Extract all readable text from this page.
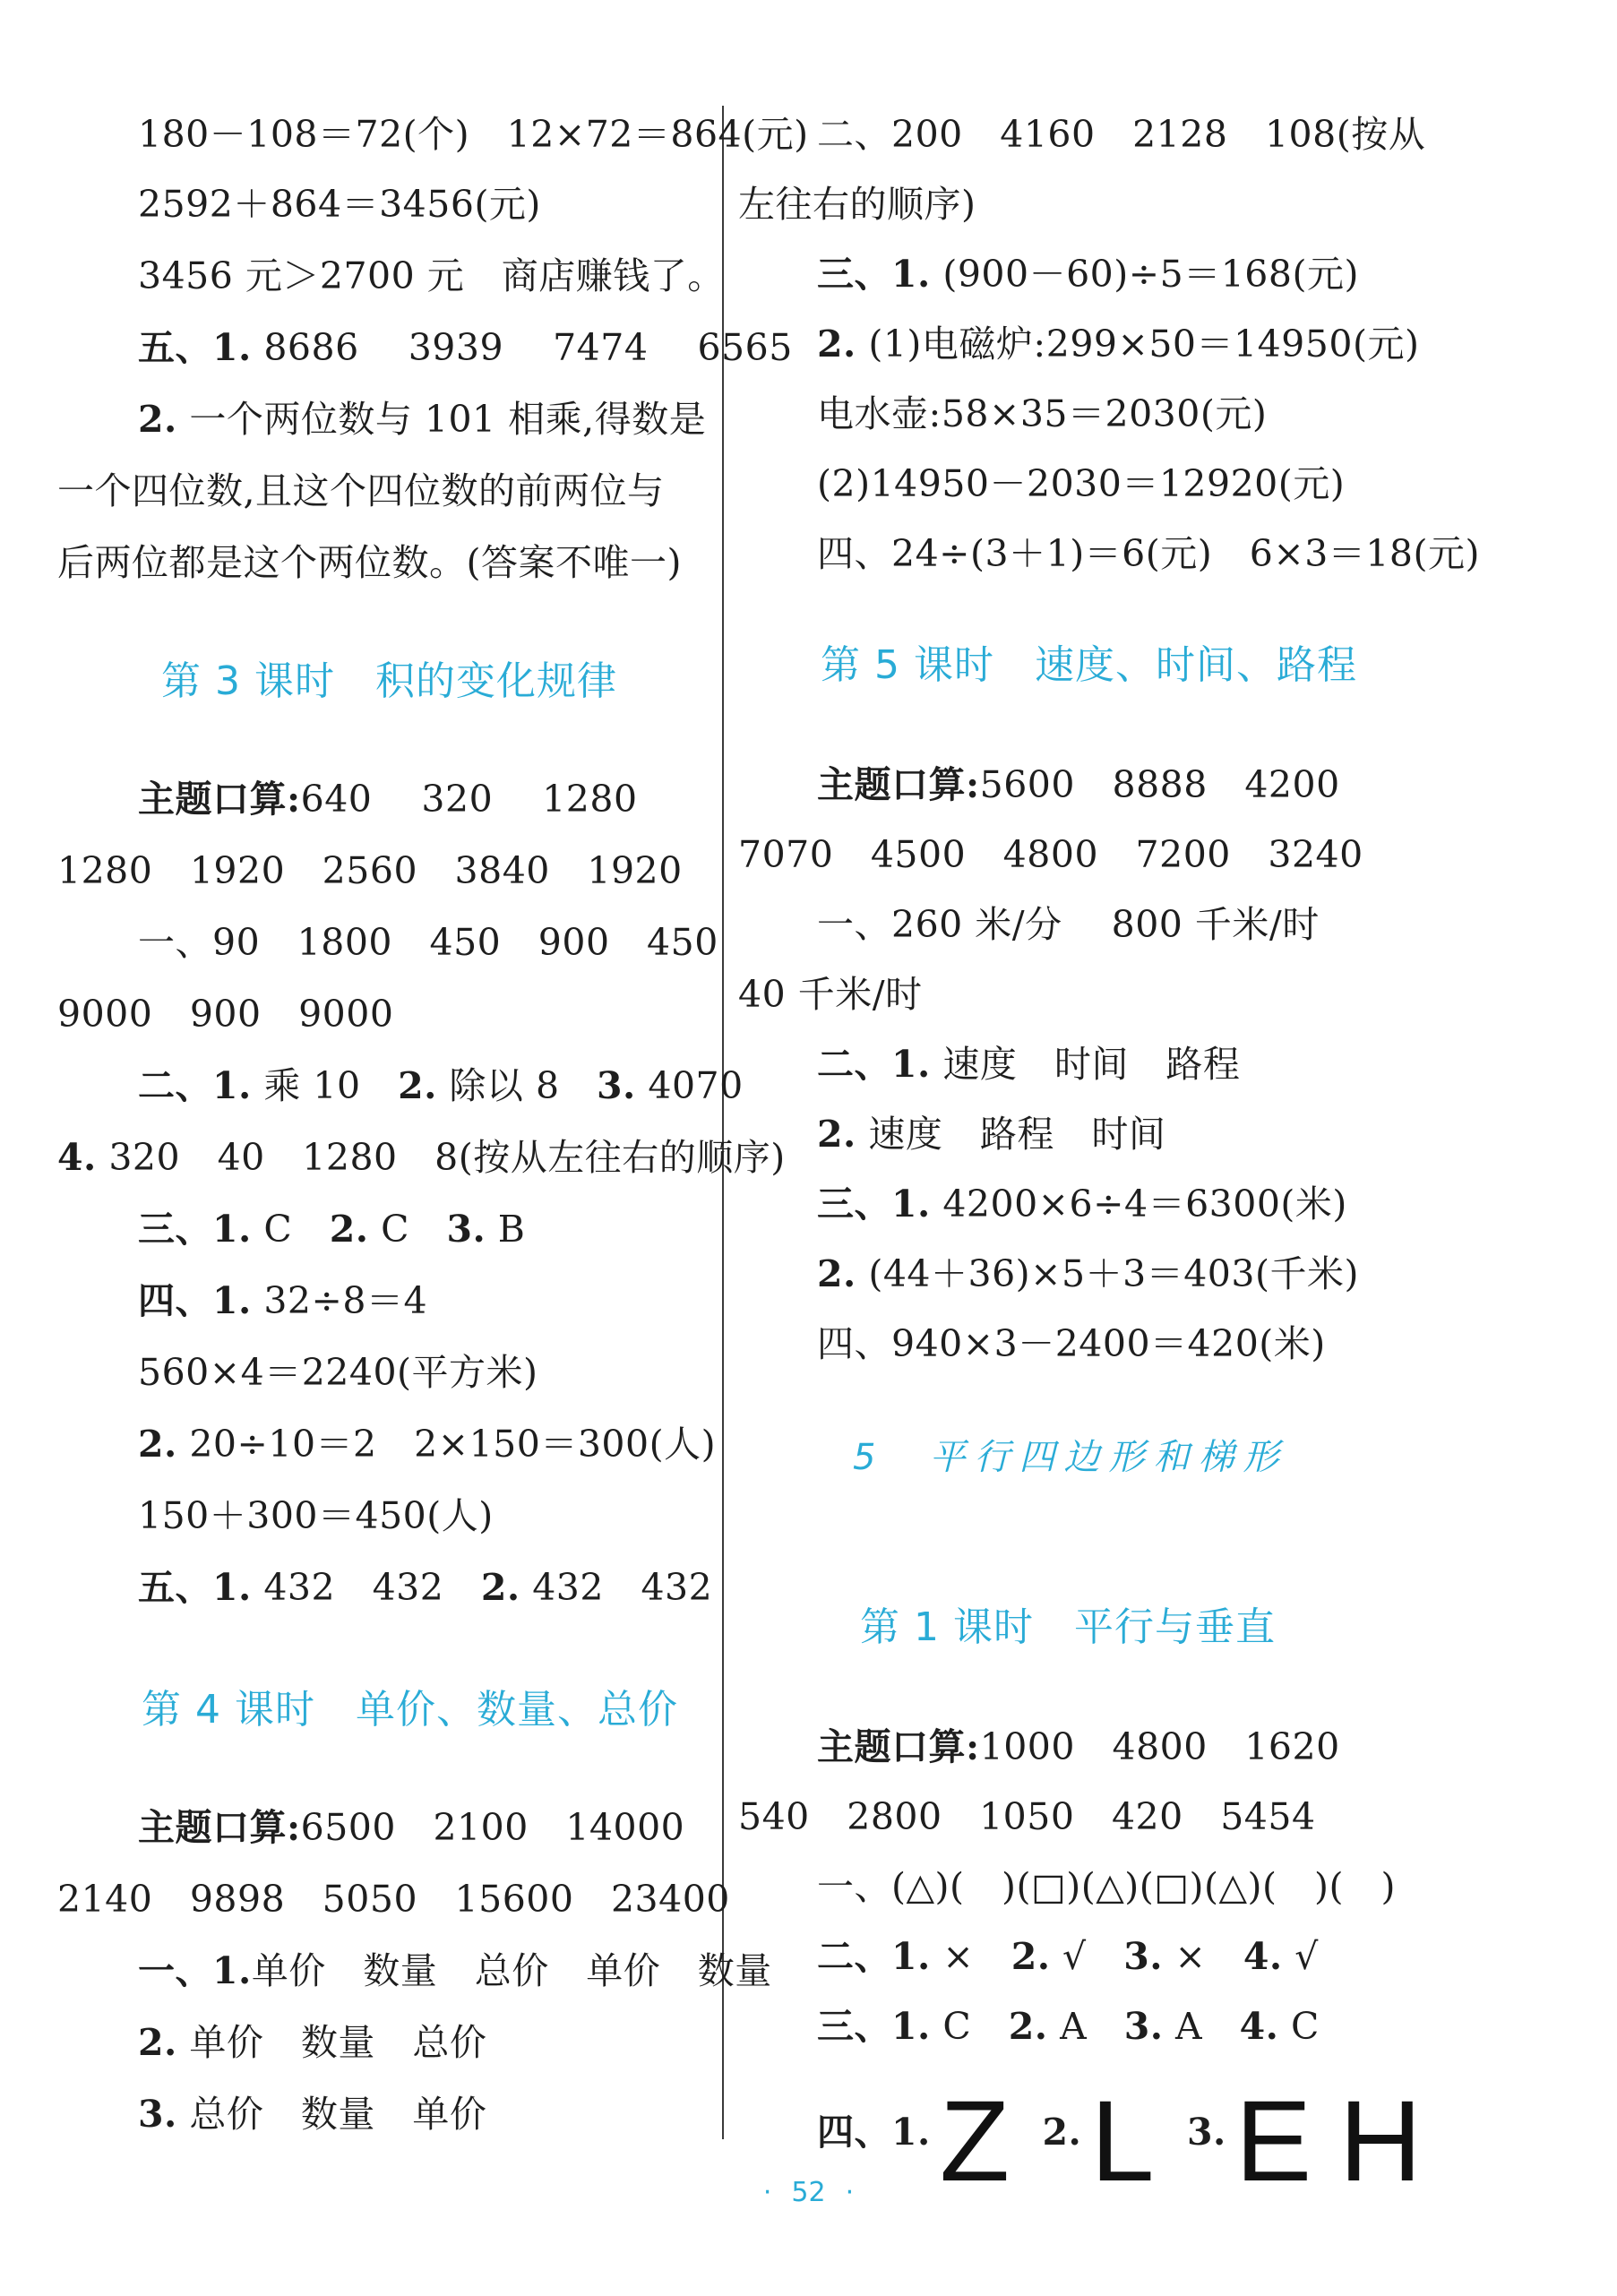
180－108＝72(个)　12×72＝864(元)
2592＋864＝3456(元)
3456 元＞2700 元　商店赚钱了。
五、1. 8686　 3939　 7474　 6565
2. 一个两位数与 101 相乘,得数是
一个四位数,且这个四位数的前两位与
后两位都是这个两位数。(答案不唯一)
第 3 课时　积的变化规律
主题口算:640　 320　 1280
1280　1920　2560　3840　1920
一、90　1800　450　900　450
9000　900　9000
二、1. 乘 10　2. 除以 8　3. 4070
4. 320　40　1280　8(按从左往右的顺序)
三、1. C　2. C　3. B
四、1. 32÷8＝4
560×4＝2240(平方米)
2. 20÷10＝2　2×150＝300(人)
150＋300＝450(人)
五、1. 432　432　2. 432　432
第 4 课时　单价、数量、总价
主题口算:6500　2100　14000
2140　9898　5050　15600　23400
一、1.单价　数量　总价　单价　数量
2. 单价　数量　总价
3. 总价　数量　单价
二、200　4160　2128　108(按从
左往右的顺序)
三、1. (900－60)÷5＝168(元)
2. (1)电磁炉:299×50＝14950(元)
电水壶:58×35＝2030(元)
(2)14950－2030＝12920(元)
四、24÷(3＋1)＝6(元)　6×3＝18(元)
第 5 课时　速度、时间、路程
主题口算:5600　8888　4200
7070　4500　4800　7200　3240
一、260 米/分　 800 千米/时
40 千米/时
二、1. 速度　时间　路程
2. 速度　路程　时间
三、1. 4200×6÷4＝6300(米)
2. (44＋36)×5＋3＝403(千米)
四、940×3－2400＝420(米)
5　平行四边形和梯形
第 1 课时　平行与垂直
主题口算:1000　4800　1620
540　2800　1050　420　5454
一、(△)(　)(□)(△)(□)(△)(　)(　)
二、1. ×　2. √　3. ×　4. √
三、1. C　2. A　3. A　4. C
四、1.Z 2.L 3.E H
· 52 ·
